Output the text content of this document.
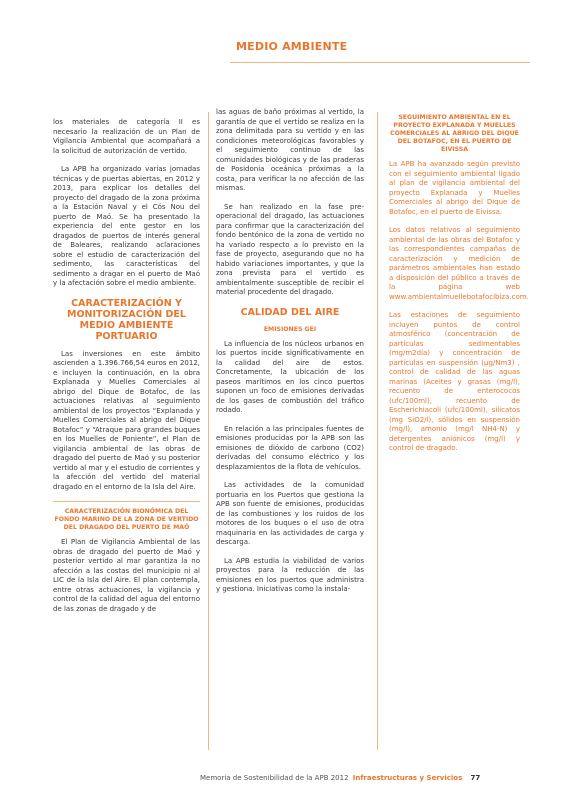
MEDIO AMBIENTE

los materiales de categoría II es necesario la realización de un Plan de Vigilancia Ambiental que acompañará a la solicitud de autorización de vertido.

La APB ha organizado varias jornadas técnicas y de puertas abiertas, en 2012 y 2013, para explicar los detalles del proyecto del dragado de la zona próxima a la Estación Naval y el Cós Nou del puerto de Maó. Se ha presentado la experiencia del ente gestor en los dragados de puertos de interés general de Baleares, realizando aclaraciones sobre el estudio de caracterización del sedimento, las características del sedimento a dragar en el puerto de Maó y la afectación sobre el medio ambiente.

CARACTERIZACIÓN Y MONITORIZACIÓN DEL MEDIO AMBIENTE PORTUARIO

Las inversiones en este ámbito ascienden a 1.396.766,54 euros en 2012, e incluyen la continuación, en la obra Explanada y Muelles Comerciales al abrigo del Dique de Botafoc, de las actuaciones relativas al seguimiento ambiental de los proyectos “Explanada y Muelles Comerciales al abrigo del Dique Botafoc” y “Atraque para grandes buques en los Muelles de Poniente”, el Plan de vigilancia ambiental de las obras de dragado del puerto de Maó y su posterior vertido al mar y el estudio de corrientes y la afección del vertido del material dragado en el entorno de la Isla del Aire.

CARACTERIZACIÓN BIONÓMICA DEL FONDO MARINO DE LA ZONA DE VERTIDO DEL DRAGADO DEL PUERTO DE MAÓ

El Plan de Vigilancia Ambiental de las obras de dragado del puerto de Maó y posterior vertido al mar garantiza la no afección a las costas del municipio ni al LIC de la Isla del Aire. El plan contempla, entre otras actuaciones, la vigilancia y control de la calidad del agua del entorno de las zonas de dragado y de

las aguas de baño próximas al vertido, la garantía de que el vertido se realiza en la zona delimitada para su vertido y en las condiciones meteorológicas favorables y el seguimiento continuo de las comunidades biológicas y de las praderas de Posidonia oceánica próximas a la costa, para verificar la no afección de las mismas.

Se han realizado en la fase pre-operacional del dragado, las actuaciones para confirmar que la caracterización del fondo bentónico de la zona de vertido no ha variado respecto a lo previsto en la fase de proyecto, asegurando que no ha habido variaciones importantes, y que la zona prevista para el vertido es ambientalmente susceptible de recibir el material procedente del dragado.

CALIDAD DEL AIRE
EMISIONES GEI

La influencia de los núcleos urbanos en los puertos incide significativamente en la calidad del aire de estos. Concretamente, la ubicación de los paseos marítimos en los cinco puertos suponen un foco de emisiones derivadas de los gases de combustión del tráfico rodado.

En relación a las principales fuentes de emisiones producidas por la APB son las emisiones de dióxido de carbono (CO2) derivadas del consumo eléctrico y los desplazamientos de la flota de vehículos.

Las actividades de la comunidad portuaria en los Puertos que gestiona la APB son fuente de emisiones, producidas de las combustiones y los ruidos de los motores de los buques o el uso de otra maquinaria en las actividades de carga y descarga.

La APB estudia la viabilidad de varios proyectos para la reducción de las emisiones en los puertos que administra y gestiona. Iniciativas como la instala-

SEGUIMIENTO AMBIENTAL EN EL PROYECTO EXPLANADA Y MUELLES COMERCIALES AL ABRIGO DEL DIQUE DEL BOTAFOC, EN EL PUERTO DE EIVISSA

La APB ha avanzado según previsto con el seguimiento ambiental ligado al plan de vigilancia ambiental del proyecto Explanada y Muelles Comerciales al abrigo del Dique de Botafoc, en el puerto de Eivissa.

Los datos relativos al seguimiento ambiental de las obras del Botafoc y las correspondientes campañas de caracterización y medición de parámetros ambientales han estado a disposición del público a través de la página web www.ambientalmuellebotafocibiza.com.

Las estaciones de seguimiento incluyen puntos de control atmosférico (concentración de partículas sedimentables (mg/m2día) y concentración de partículas en suspensión (µg/Nm3) , control de calidad de las aguas marinas (Aceites y grasas (mg/l), recuento de enterococos (ufc/100ml), recuento de Escherichiacoli (ufc/100ml), silicatos (mg SiO2/l), sólidos en suspensión (mg/l), amonio (mg/l NH4-N) y detergentes aniónicos (mg/l) y control de dragado.

Memoria de Sostenibilidad de la APB 2012 Infraestructuras y Servicios 77
